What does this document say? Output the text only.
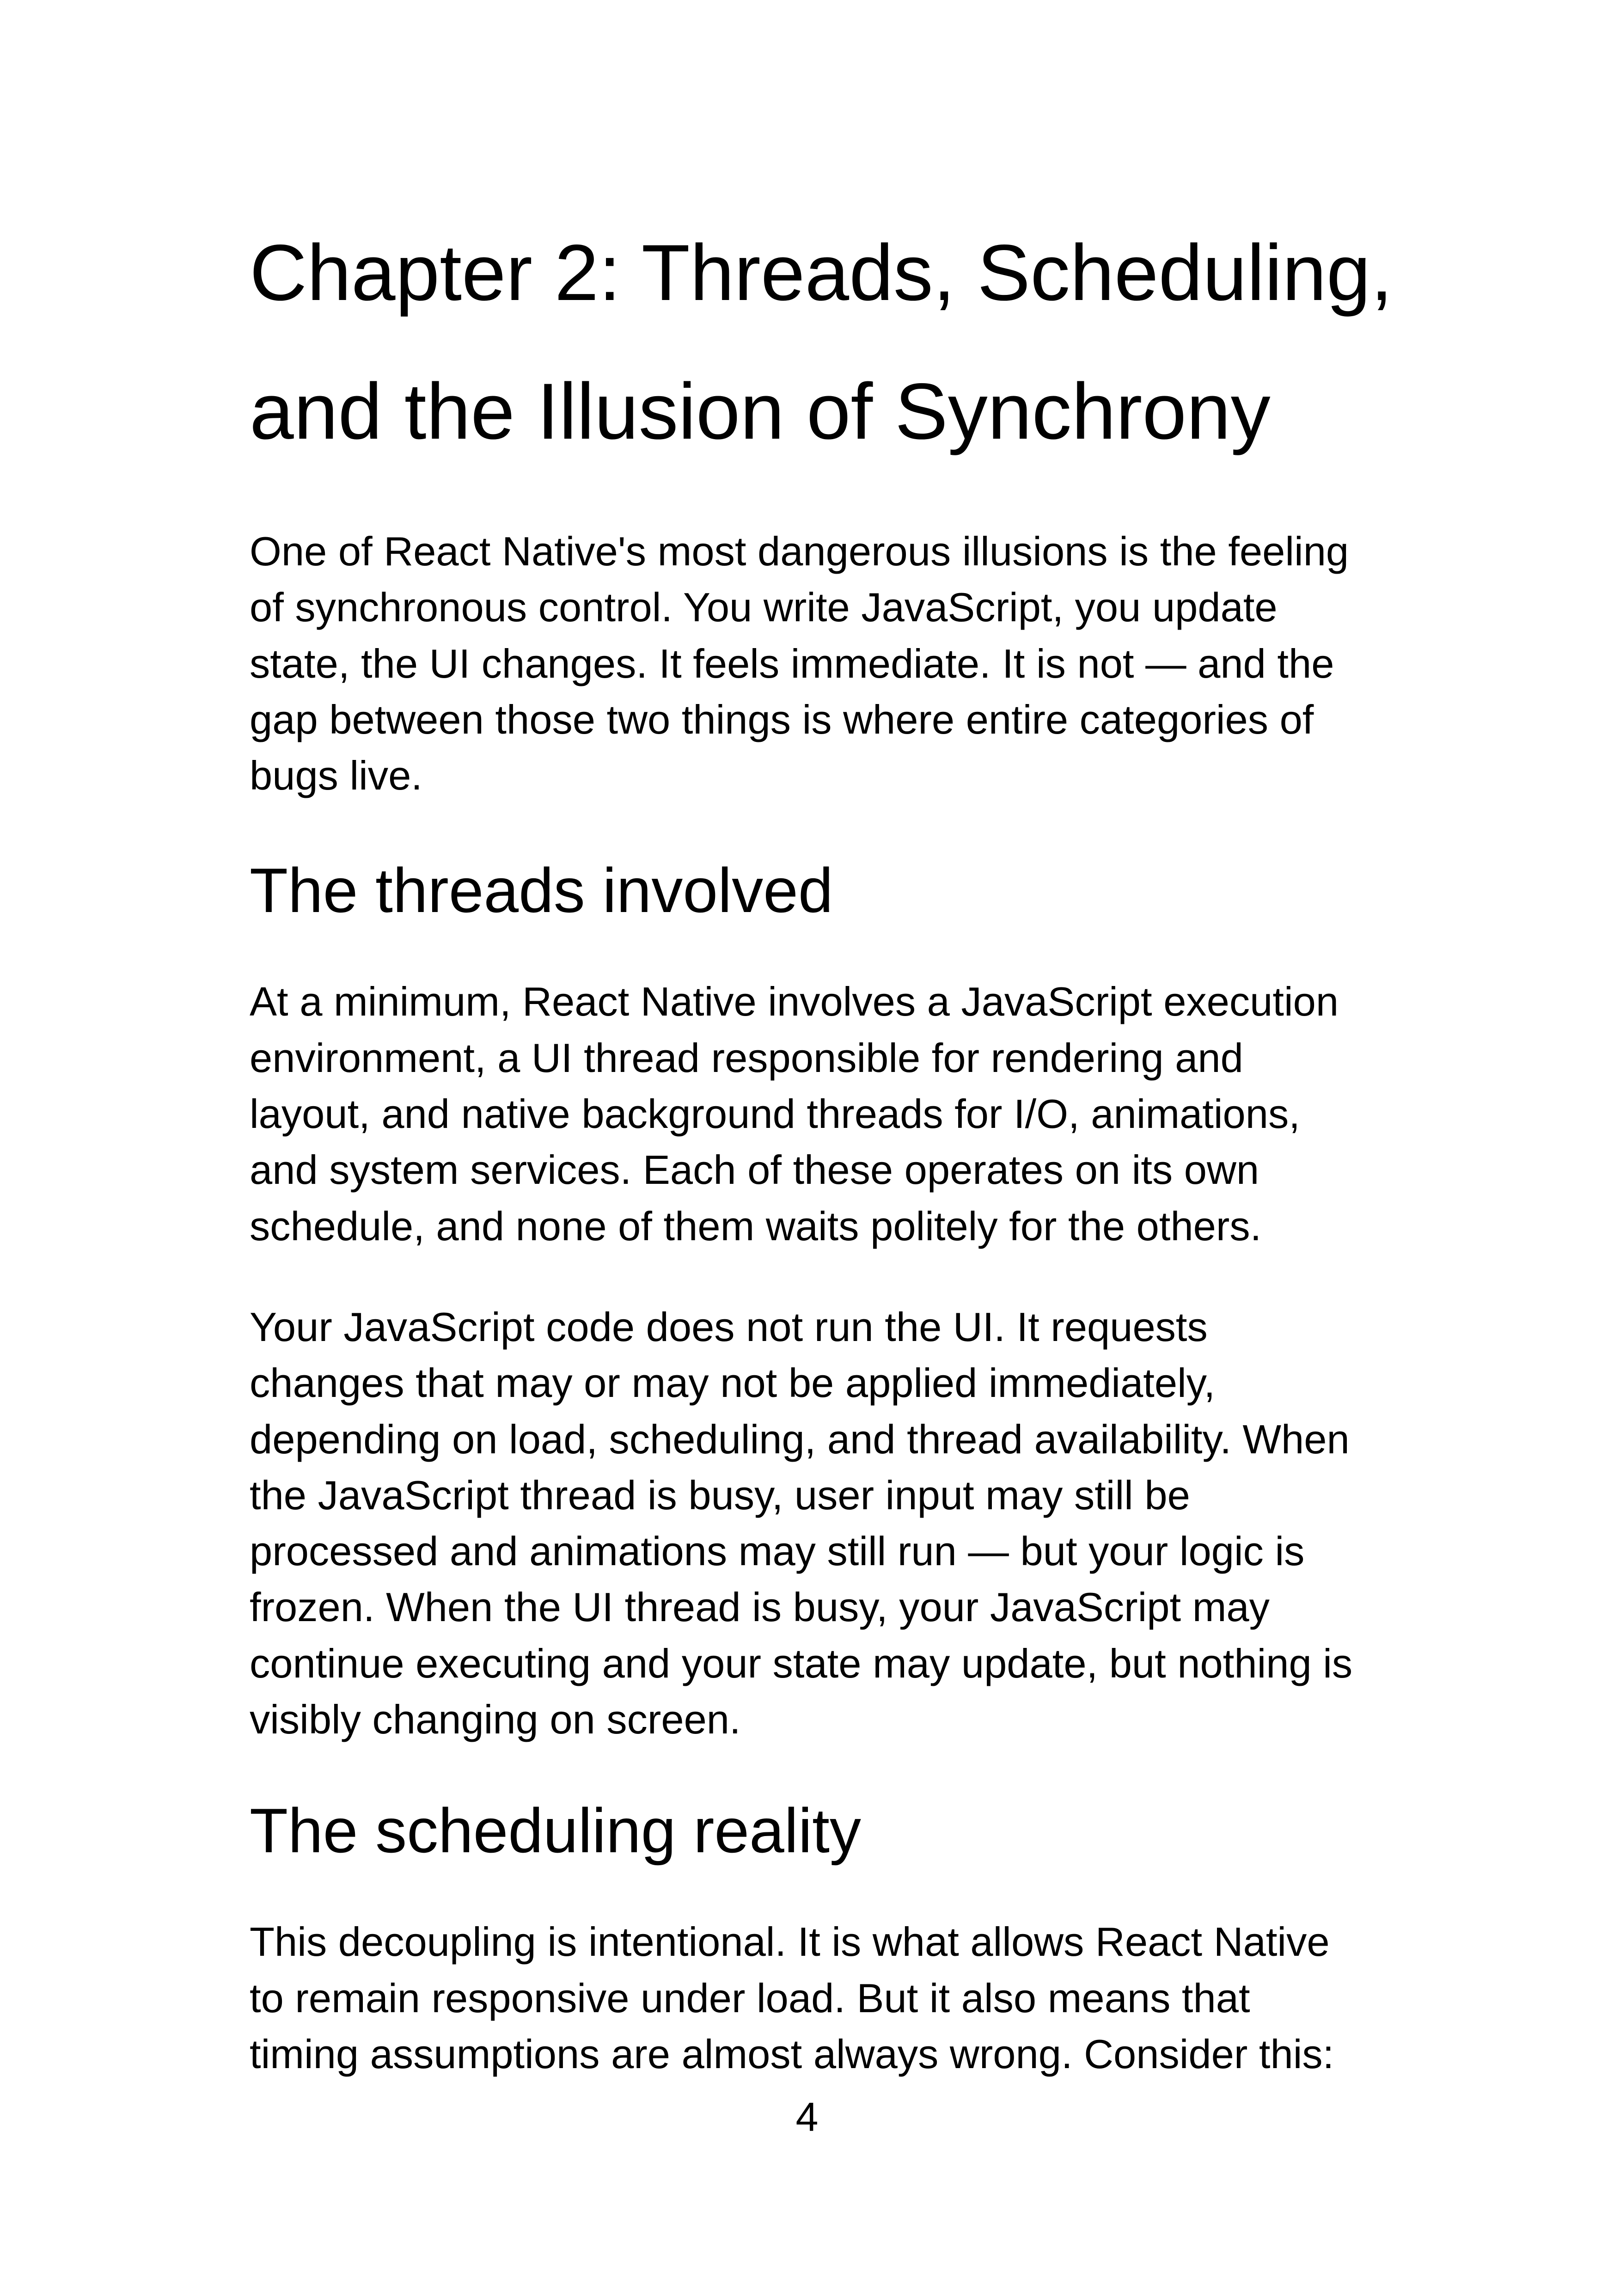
Chapter 2: Threads, Scheduling,
and the Illusion of Synchrony

One of React Native's most dangerous illusions is the feeling
of synchronous control. You write JavaScript, you update
state, the UI changes. It feels immediate. It is not — and the
gap between those two things is where entire categories of
bugs live.

The threads involved

At a minimum, React Native involves a JavaScript execution
environment, a UI thread responsible for rendering and
layout, and native background threads for I/O, animations,
and system services. Each of these operates on its own
schedule, and none of them waits politely for the others.

Your JavaScript code does not run the UI. It requests
changes that may or may not be applied immediately,
depending on load, scheduling, and thread availability. When
the JavaScript thread is busy, user input may still be
processed and animations may still run — but your logic is
frozen. When the UI thread is busy, your JavaScript may
continue executing and your state may update, but nothing is
visibly changing on screen.

The scheduling reality

This decoupling is intentional. It is what allows React Native
to remain responsive under load. But it also means that
timing assumptions are almost always wrong. Consider this:

4
